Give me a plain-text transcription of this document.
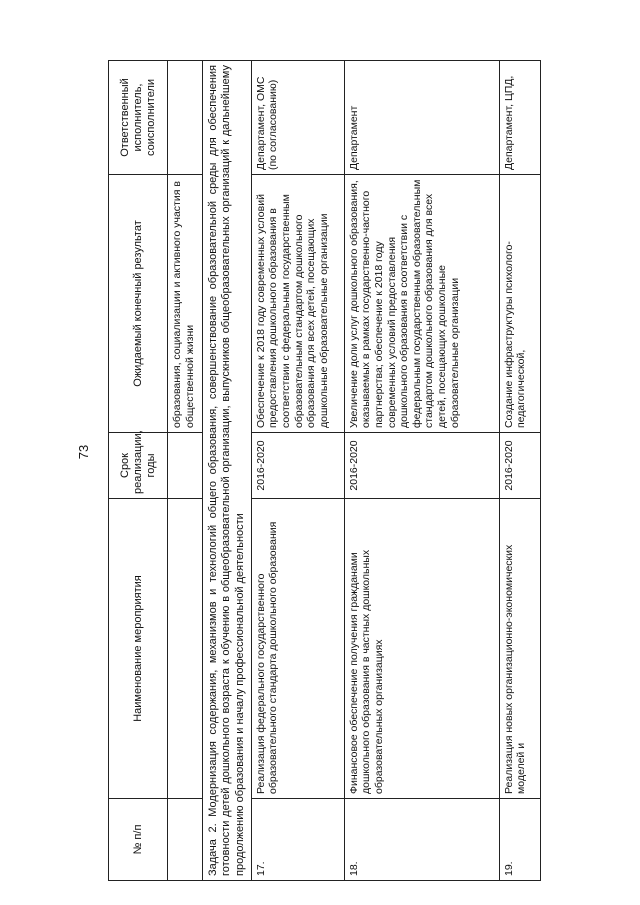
73
№ п/п	Наименование мероприятия	Срок реализации, годы	Ожидаемый конечный результат	Ответственный исполнитель, соисполнители
			образования, социализации и активного участия в общественной жизни	
Задача 2. Модернизация содержания, механизмов и технологий общего образования, совершенствование образовательной среды для обеспечения готовности детей дошкольного возраста к обучению в общеобразовательной организации, выпускников общеобразовательных организаций к дальнейшему продолжению образования и началу профессиональной деятельности				
17.	Реализация федерального государственного образовательного стандарта дошкольного образования	2016-2020	Обеспечение к 2018 году современных условий предоставления дошкольного образования в соответствии с федеральным государственным образовательным стандартом дошкольного образования для всех детей, посещающих дошкольные образовательные организации	Департамент, ОМС (по согласованию)
18.	Финансовое обеспечение получения гражданами дошкольного образования в частных дошкольных образовательных организациях	2016-2020	Увеличение доли услуг дошкольного образования, оказываемых в рамках государственно-частного партнерства; обеспечение к 2018 году современных условий предоставления дошкольного образования в соответствии с федеральным государственным образовательным стандартом дошкольного образования для всех детей, посещающих дошкольные образовательные организации	Департамент
19.	Реализация новых организационно-экономических моделей и	2016-2020	Создание инфраструктуры психолого-педагогической,	Департамент, ЦПД,
